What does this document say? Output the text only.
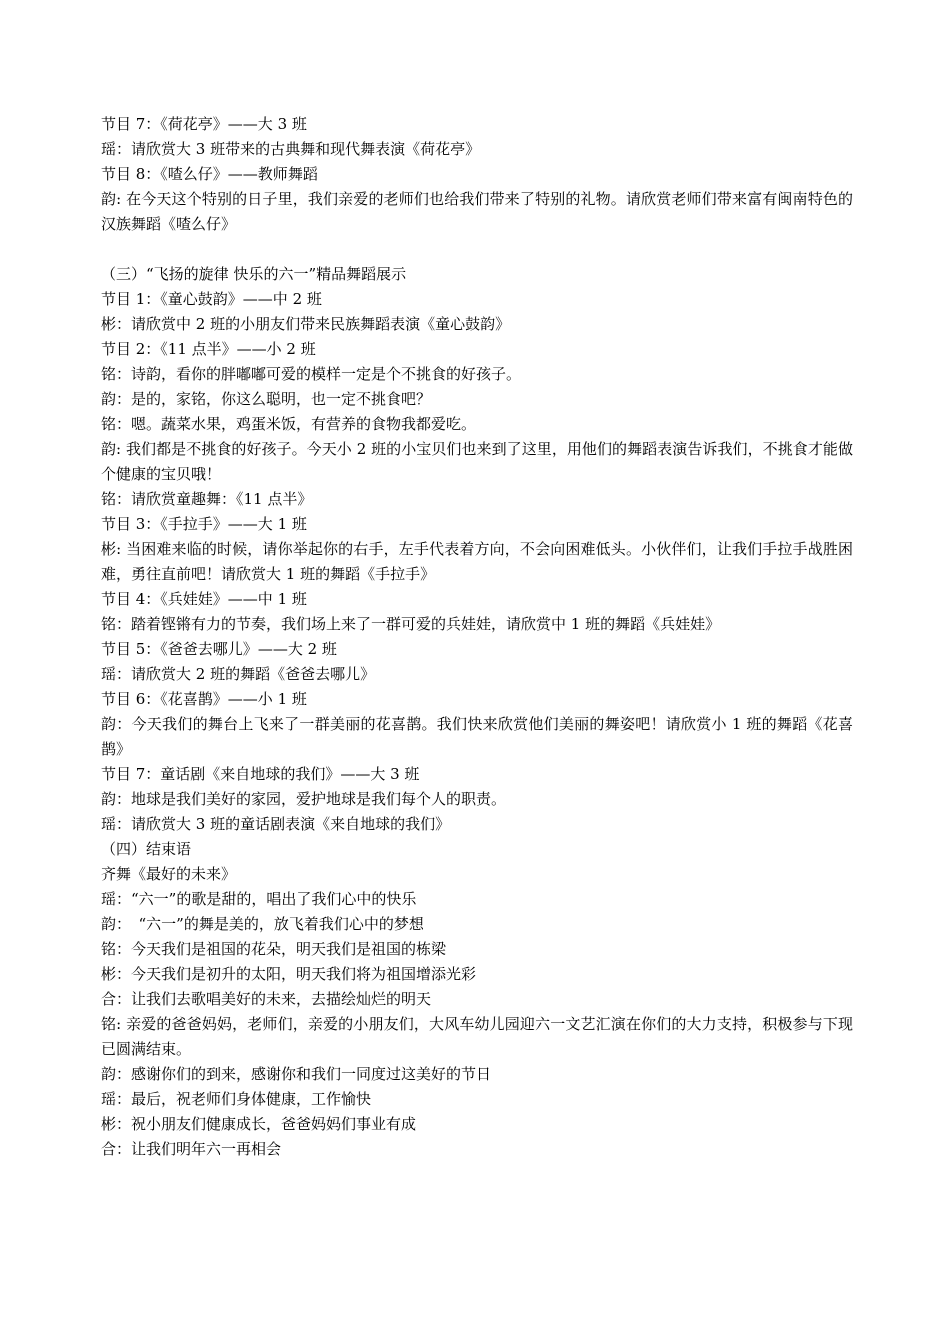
节目 7：《荷花亭》——大 3 班
瑶：请欣赏大 3 班带来的古典舞和现代舞表演《荷花亭》
节目 8：《喳么仔》——教师舞蹈
韵: 在今天这个特别的日子里，我们亲爱的老师们也给我们带来了特别的礼物。请欣赏老师们带来富有闽南特色的汉族舞蹈《喳么仔》
（三）“飞扬的旋律 快乐的六一”精品舞蹈展示
节目 1：《童心鼓韵》——中 2 班
彬：请欣赏中 2 班的小朋友们带来民族舞蹈表演《童心鼓韵》
节目 2：《11 点半》——小 2 班
铭：诗韵，看你的胖嘟嘟可爱的模样一定是个不挑食的好孩子。
韵：是的，家铭，你这么聪明，也一定不挑食吧？
铭：嗯。蔬菜水果，鸡蛋米饭，有营养的食物我都爱吃。
韵: 我们都是不挑食的好孩子。今天小 2 班的小宝贝们也来到了这里，用他们的舞蹈表演告诉我们，不挑食才能做个健康的宝贝哦！
铭：请欣赏童趣舞：《11 点半》
节目 3：《手拉手》——大 1 班
彬: 当困难来临的时候，请你举起你的右手，左手代表着方向，不会向困难低头。小伙伴们，让我们手拉手战胜困难，勇往直前吧！请欣赏大 1 班的舞蹈《手拉手》
节目 4：《兵娃娃》——中 1 班
铭：踏着铿锵有力的节奏，我们场上来了一群可爱的兵娃娃，请欣赏中 1 班的舞蹈《兵娃娃》
节目 5：《爸爸去哪儿》——大 2 班
瑶：请欣赏大 2 班的舞蹈《爸爸去哪儿》
节目 6：《花喜鹊》——小 1 班
韵：今天我们的舞台上飞来了一群美丽的花喜鹊。我们快来欣赏他们美丽的舞姿吧！请欣赏小 1 班的舞蹈《花喜鹊》
节目 7：童话剧《来自地球的我们》——大 3 班
韵：地球是我们美好的家园，爱护地球是我们每个人的职责。
瑶：请欣赏大 3 班的童话剧表演《来自地球的我们》
（四）结束语
齐舞《最好的未来》
瑶：“六一”的歌是甜的，唱出了我们心中的快乐
韵：　“六一”的舞是美的，放飞着我们心中的梦想
铭：今天我们是祖国的花朵，明天我们是祖国的栋梁
彬：今天我们是初升的太阳，明天我们将为祖国增添光彩
合：让我们去歌唱美好的未来，去描绘灿烂的明天
铭: 亲爱的爸爸妈妈，老师们，亲爱的小朋友们，大风车幼儿园迎六一文艺汇演在你们的大力支持，积极参与下现已圆满结束。
韵：感谢你们的到来，感谢你和我们一同度过这美好的节日
瑶：最后，祝老师们身体健康，工作愉快
彬：祝小朋友们健康成长，爸爸妈妈们事业有成
合：让我们明年六一再相会
